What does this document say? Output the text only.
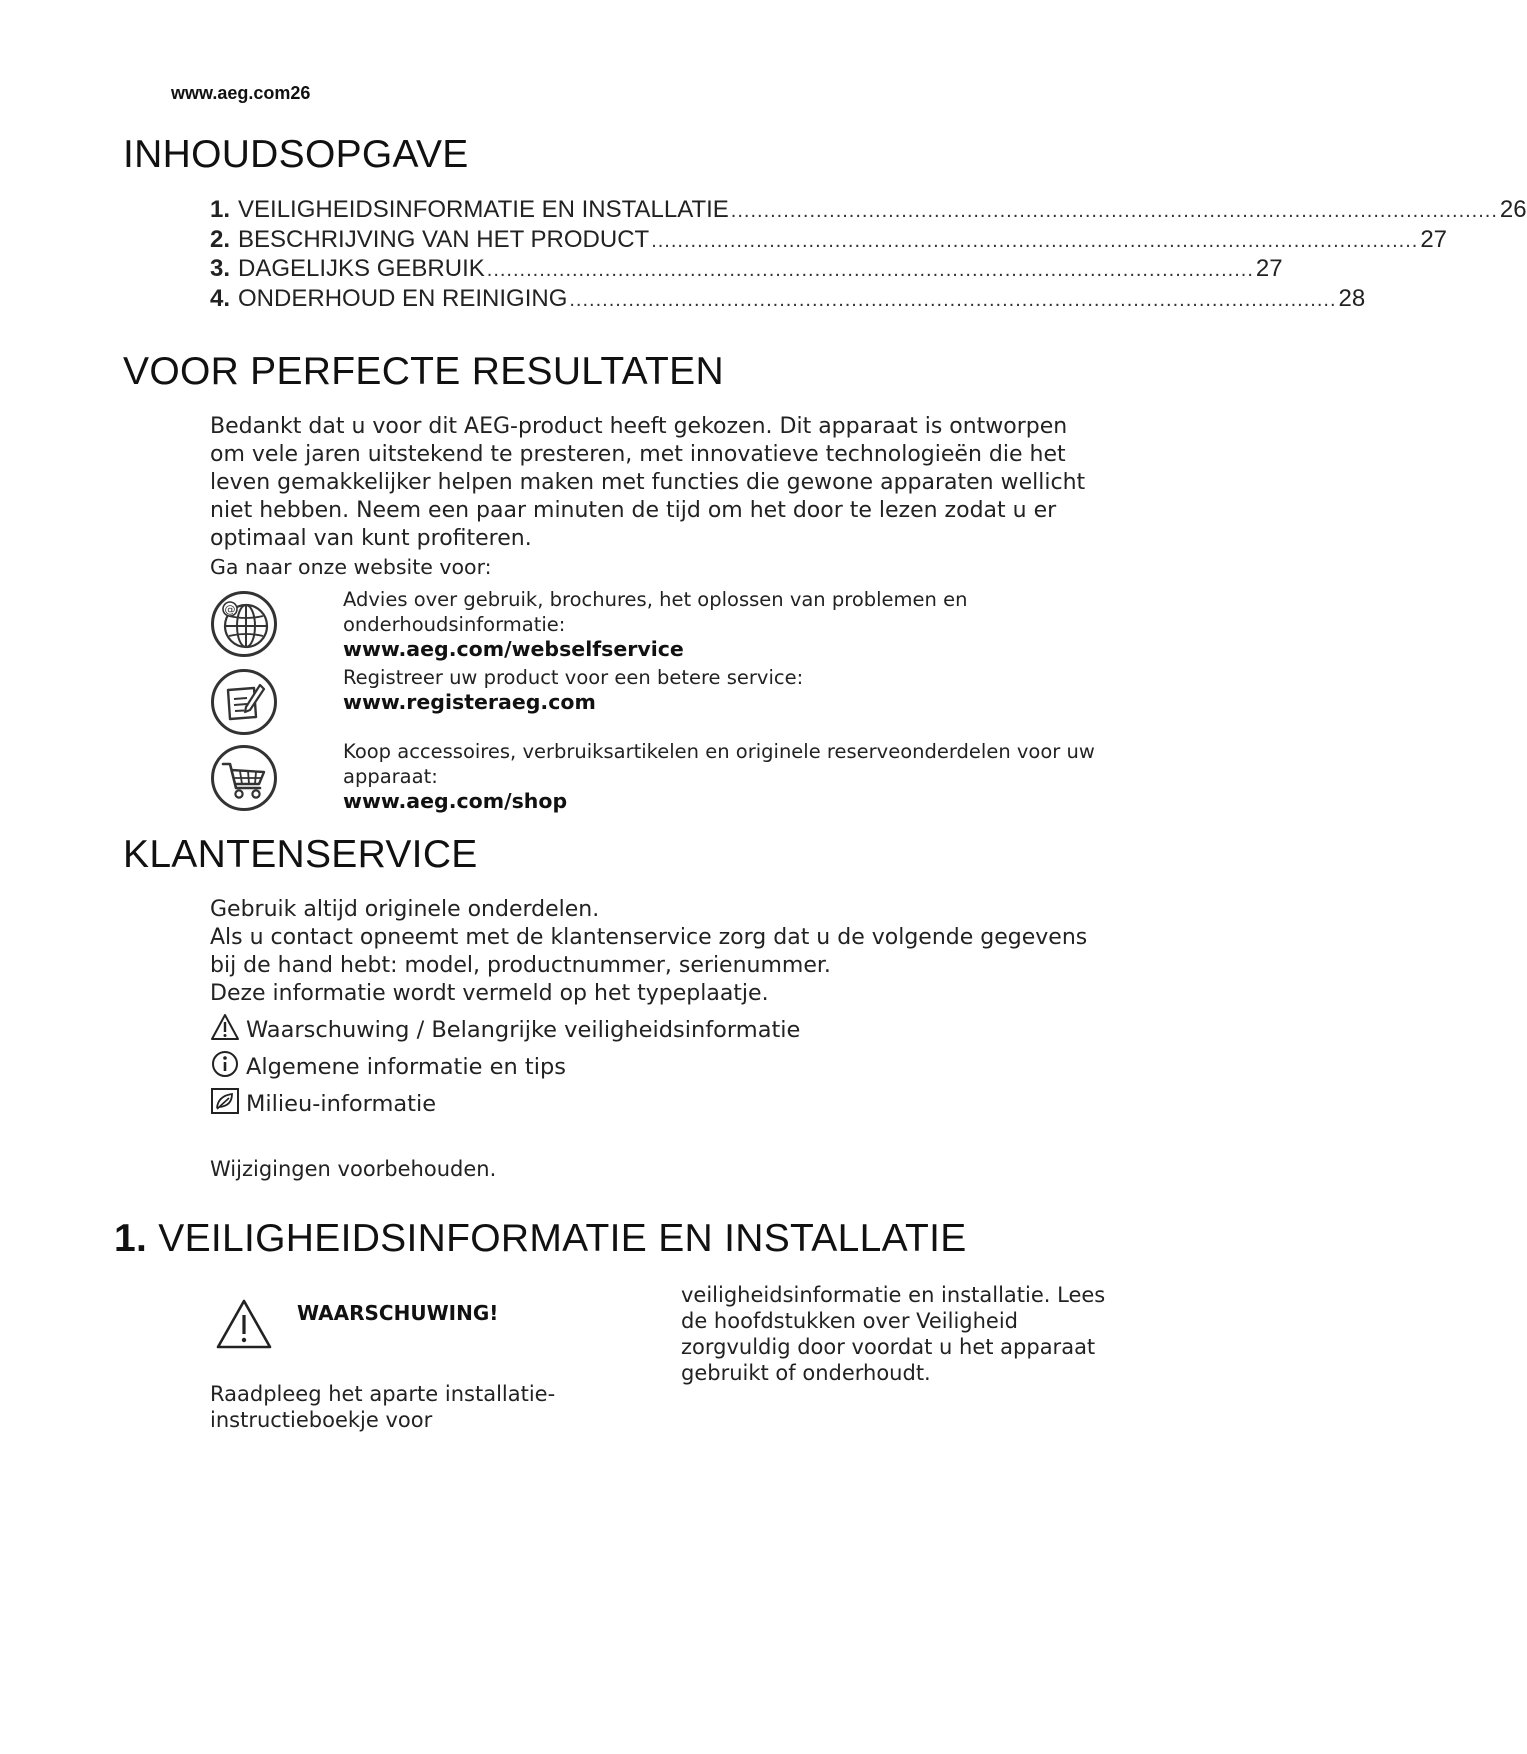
www.aeg.com26
INHOUDSOPGAVE
1. VEILIGHEIDSINFORMATIE EN INSTALLATIE ..................................................................................................................... 26
2. BESCHRIJVING VAN HET PRODUCT ..................................................................................................................... 27
3. DAGELIJKS GEBRUIK ..................................................................................................................... 27
4. ONDERHOUD EN REINIGING ..................................................................................................................... 28
VOOR PERFECTE RESULTATEN

Bedankt dat u voor dit AEG-product heeft gekozen. Dit apparaat is ontworpen

om vele jaren uitstekend te presteren, met innovatieve technologieën die het

leven gemakkelijker helpen maken met functies die gewone apparaten wellicht

niet hebben. Neem een paar minuten de tijd om het door te lezen zodat u er

optimaal van kunt profiteren.

Ga naar onze website voor:

@	Advies over gebruik, brochures, het oplossen van problemen en
onderhoudsinformatie:
www.aeg.com/webselfservice
Registreer uw product voor een betere service:
www.registeraeg.com
Koop accessoires, verbruiksartikelen en originele reserveonderdelen voor uw
apparaat:
www.aeg.com/shop
KLANTENSERVICE

Gebruik altijd originele onderdelen.

Als u contact opneemt met de klantenservice zorg dat u de volgende gegevens

bij de hand hebt: model, productnummer, serienummer.

Deze informatie wordt vermeld op het typeplaatje.

Waarschuwing / Belangrijke veiligheidsinformatie
Algemene informatie en tips
Milieu-informatie
Wijzigingen voorbehouden.
1. VEILIGHEIDSINFORMATIE EN INSTALLATIE
WAARSCHUWING!
Raadpleeg het aparte installatie-
instructieboekje voor
veiligheidsinformatie en installatie. Lees
de hoofdstukken over Veiligheid
zorgvuldig door voordat u het apparaat
gebruikt of onderhoudt.
